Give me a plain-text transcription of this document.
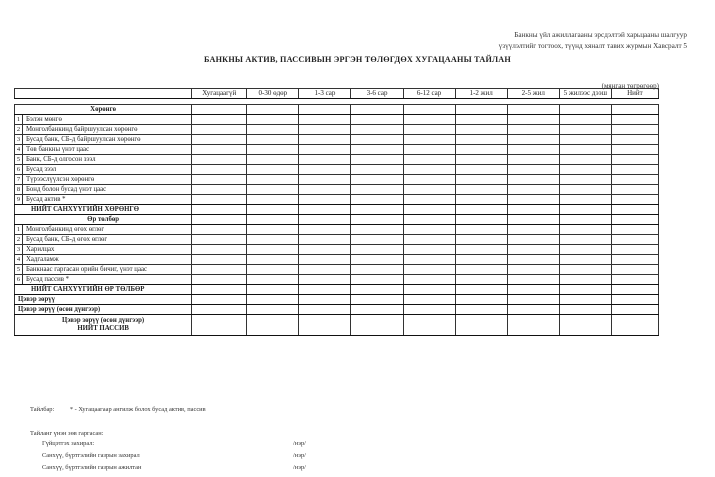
Банкны үйл ажиллагааны эрсдэлтэй харьцааны шалгуур
үзүүлэлтийг тогтоох, түүнд хяналт тавих журмын Хавсралт 5
БАНКНЫ АКТИВ, ПАССИВЫН ЭРГЭН ТӨЛӨГДӨХ ХУГАЦААНЫ ТАЙЛАН
(мянган төгрөгөөр)
		Хугацаагүй	0-30 өдөр	1-3 сар	3-6 сар	6-12 сар	1-2 жил	2-5 жил	5 жилээс дээш	Нийт

Хөрөнгө										
1	Бэлэн мөнгө									
2	Монголбанкинд байршуулсан хөрөнгө									
3	Бусад банк, СБ-д байршуулсан хөрөнгө									
4	Төв банкны үнэт цаас									
5	Банк, СБ-д олгосон зээл									
6	Бусад зээл									
7	Түрээслүүлсэн хөрөнгө									
8	Бонд болон бусад үнэт цаас									
9	Бусад актив *									
НИЙТ САНХҮҮГИЙН ХӨРӨНГӨ										
Өр төлбөр										
1	Монголбанкинд өгөх өглөг									
2	Бусад банк, СБ-д өгөх өглөг									
3	Харилцах									
4	Хадгаламж									
5	Банкнаас гаргасан орийн бичиг, үнэт цаас									
6	Бусад пассив *									
НИЙТ САНХҮҮГИЙН ӨР ТӨЛБӨР										
Цэвэр зөрүү										
Цэвэр зөрүү (өсөн дүнгээр)										

Цэвэр зөрүү (өсөн дүнгээр)
НИЙТ ПАССИВ										

Тайлбар: * - Хугацаагаар ангилж болох бусад актив, пассив
Тайланг үнэн зөв гаргасан:
Гүйцэтгэх захирал:	/нэр/
Санхүү, бүртгэлийн газрын захирал	/нэр/
Санхүү, бүртгэлийн газрын ажилтан	/нэр/
